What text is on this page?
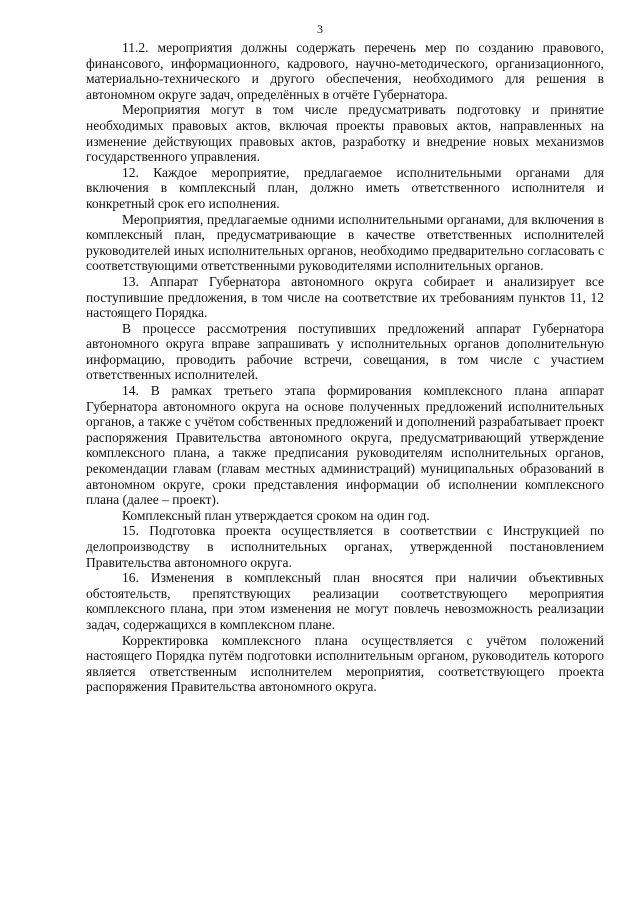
3

11.2. мероприятия должны содержать перечень мер по созданию правового, финансового, информационного, кадрового, научно-методического, организационного, материально-технического и другого обеспечения, необходимого для решения в автономном округе задач, определённых в отчёте Губернатора.

Мероприятия могут в том числе предусматривать подготовку и принятие необходимых правовых актов, включая проекты правовых актов, направленных на изменение действующих правовых актов, разработку и внедрение новых механизмов государственного управления.

12. Каждое мероприятие, предлагаемое исполнительными органами для включения в комплексный план, должно иметь ответственного исполнителя и конкретный срок его исполнения.

Мероприятия, предлагаемые одними исполнительными органами, для включения в комплексный план, предусматривающие в качестве ответственных исполнителей руководителей иных исполнительных органов, необходимо предварительно согласовать с соответствующими ответственными руководителями исполнительных органов.

13. Аппарат Губернатора автономного округа собирает и анализирует все поступившие предложения, в том числе на соответствие их требованиям пунктов 11, 12 настоящего Порядка.

В процессе рассмотрения поступивших предложений аппарат Губернатора автономного округа вправе запрашивать у исполнительных органов дополнительную информацию, проводить рабочие встречи, совещания, в том числе с участием ответственных исполнителей.

14. В рамках третьего этапа формирования комплексного плана аппарат Губернатора автономного округа на основе полученных предложений исполнительных органов, а также с учётом собственных предложений и дополнений разрабатывает проект распоряжения Правительства автономного округа, предусматривающий утверждение комплексного плана, а также предписания руководителям исполнительных органов, рекомендации главам (главам местных администраций) муниципальных образований в автономном округе, сроки представления информации об исполнении комплексного плана (далее – проект).

Комплексный план утверждается сроком на один год.

15. Подготовка проекта осуществляется в соответствии с Инструкцией по делопроизводству в исполнительных органах, утвержденной постановлением Правительства автономного округа.

16. Изменения в комплексный план вносятся при наличии объективных обстоятельств, препятствующих реализации соответствующего мероприятия комплексного плана, при этом изменения не могут повлечь невозможность реализации задач, содержащихся в комплексном плане.

Корректировка комплексного плана осуществляется с учётом положений настоящего Порядка путём подготовки исполнительным органом, руководитель которого является ответственным исполнителем мероприятия, соответствующего проекта распоряжения Правительства автономного округа.
